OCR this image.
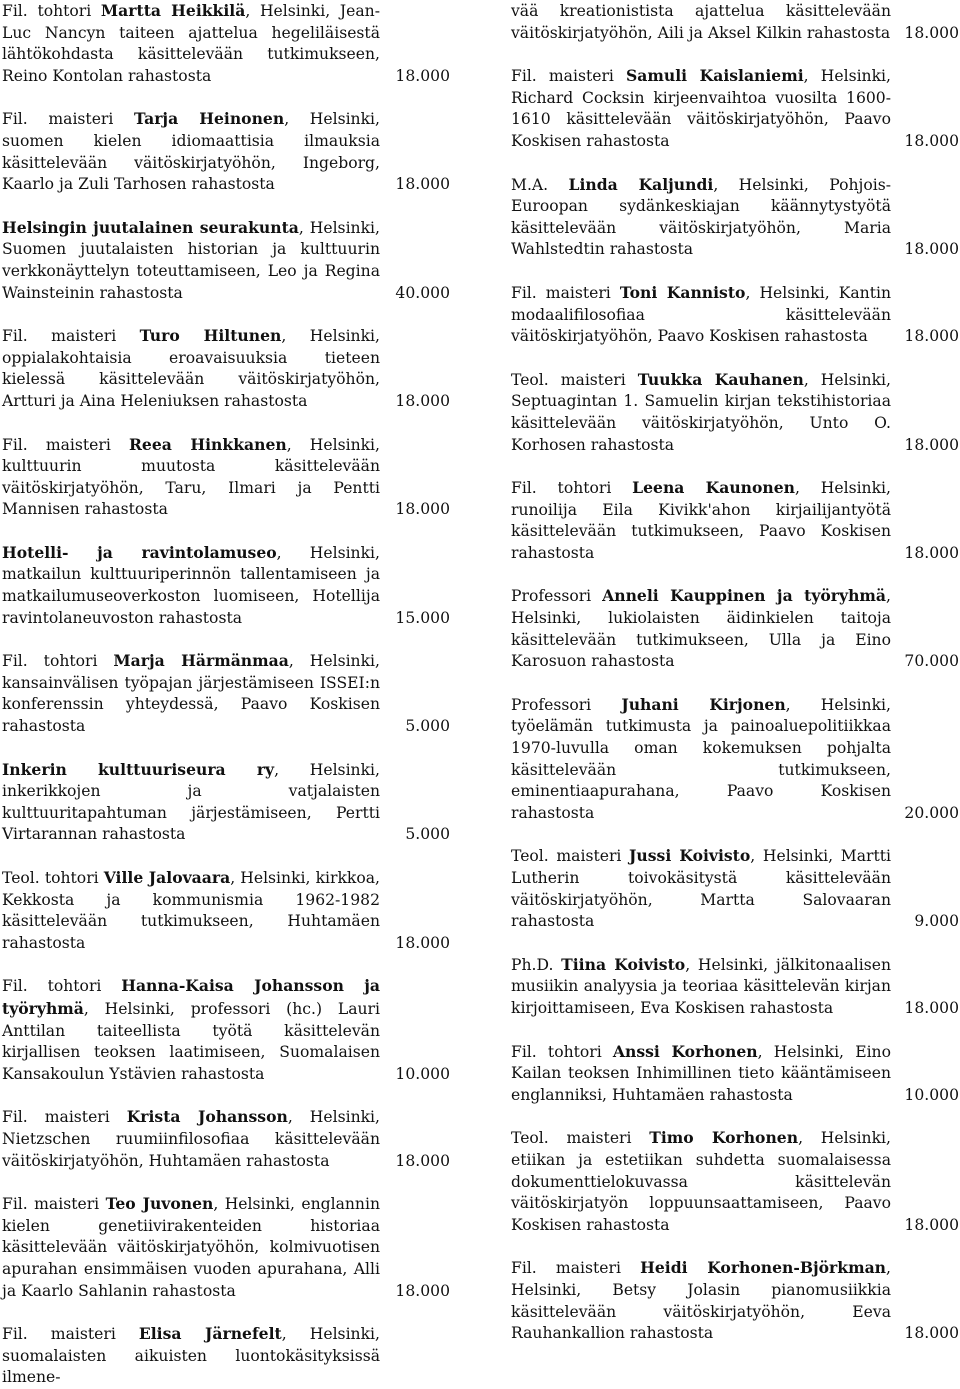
Fil. tohtori Martta Heikkilä, Helsinki, Jean-Luc Nancyn taiteen ajattelua hegeliläisestä lähtökohdasta käsittelevään tutkimukseen, Reino Kontolan rahastosta	18.000
Fil. maisteri Tarja Heinonen, Helsinki, suomen kielen idiomaattisia ilmauksia käsittelevään väitöskirjatyöhön, Ingeborg, Kaarlo ja Zuli Tarhosen rahastosta	18.000
Helsingin juutalainen seurakunta, Helsinki, Suomen juutalaisten historian ja kulttuurin verkkonäyttelyn toteuttamiseen, Leo ja Regina Wainsteinin rahastosta	40.000
Fil. maisteri Turo Hiltunen, Helsinki, oppialakohtaisia eroavaisuuksia tieteen kielessä käsittelevään väitöskirjatyöhön, Artturi ja Aina Heleniuksen rahastosta	18.000
Fil. maisteri Reea Hinkkanen, Helsinki, kulttuurin muutosta käsittelevään väitöskirjatyöhön, Taru, Ilmari ja Pentti Mannisen rahastosta	18.000
Hotelli- ja ravintolamuseo, Helsinki, matkailun kulttuuriperinnön tallentamiseen ja matkailumuseoverkoston luomiseen, Hotellija ravintolaneuvoston rahastosta	15.000
Fil. tohtori Marja Härmänmaa, Helsinki, kansainvälisen työpajan järjestämiseen ISSEI:n konferenssin yhteydessä, Paavo Koskisen rahastosta	5.000
Inkerin kulttuuriseura ry, Helsinki, inkerikkojen ja vatjalaisten kulttuuritapahtuman järjestämiseen, Pertti Virtarannan rahastosta	5.000
Teol. tohtori Ville Jalovaara, Helsinki, kirkkoa, Kekkosta ja kommunismia 1962-1982 käsittelevään tutkimukseen, Huhtamäen rahastosta	18.000
Fil. tohtori Hanna-Kaisa Johansson ja työryhmä, Helsinki, professori (hc.) Lauri Anttilan taiteellista työtä käsittelevän kirjallisen teoksen laatimiseen, Suomalaisen Kansakoulun Ystävien rahastosta	10.000
Fil. maisteri Krista Johansson, Helsinki, Nietzschen ruumiinfilosofiaa käsittelevään väitöskirjatyöhön, Huhtamäen rahastosta	18.000
Fil. maisteri Teo Juvonen, Helsinki, englannin kielen genetiivirakenteiden historiaa käsittelevään väitöskirjatyöhön, kolmivuotisen apurahan ensimmäisen vuoden apurahana, Alli ja Kaarlo Sahlanin rahastosta	18.000
Fil. maisteri Elisa Järnefelt, Helsinki, suomalaisten aikuisten luontokäsityksissä ilmene-
vää kreationistista ajattelua käsittelevään väitöskirjatyöhön, Aili ja Aksel Kilkin rahastosta 18.000
Fil. maisteri Samuli Kaislaniemi, Helsinki, Richard Cocksin kirjeenvaihtoa vuosilta 1600-1610 käsittelevään väitöskirjatyöhön, Paavo Koskisen rahastosta	18.000
M.A. Linda Kaljundi, Helsinki, Pohjois-Euroopan sydänkeskiajan käännytystyötä käsittelevään väitöskirjatyöhön, Maria Wahlstedtin rahastosta	18.000
Fil. maisteri Toni Kannisto, Helsinki, Kantin modaalifilosofiaa käsittelevään väitöskirjatyöhön, Paavo Koskisen rahastosta	18.000
Teol. maisteri Tuukka Kauhanen, Helsinki, Septuagintan 1. Samuelin kirjan tekstihistoriaa käsittelevään väitöskirjatyöhön, Unto O. Korhosen rahastosta	18.000
Fil. tohtori Leena Kaunonen, Helsinki, runoilija Eila Kivikk'ahon kirjailijantyötä käsittelevään tutkimukseen, Paavo Koskisen rahastosta	18.000
Professori Anneli Kauppinen ja työryhmä, Helsinki, lukiolaisten äidinkielen taitoja käsittelevään tutkimukseen, Ulla ja Eino Karosuon rahastosta	70.000
Professori Juhani Kirjonen, Helsinki, työelämän tutkimusta ja painoaluepolitiikkaa 1970-luvulla oman kokemuksen pohjalta käsittelevään tutkimukseen, eminentiaapurahana, Paavo Koskisen rahastosta	20.000
Teol. maisteri Jussi Koivisto, Helsinki, Martti Lutherin toivokäsitystä käsittelevään väitöskirjatyöhön, Martta Salovaaran rahastosta	9.000
Ph.D. Tiina Koivisto, Helsinki, jälkitonaalisen musiikin analyysia ja teoriaa käsittelevän kirjan kirjoittamiseen, Eva Koskisen rahastosta	18.000
Fil. tohtori Anssi Korhonen, Helsinki, Eino Kailan teoksen Inhimillinen tieto kääntämiseen englanniksi, Huhtamäen rahastosta	10.000
Teol. maisteri Timo Korhonen, Helsinki, etiikan ja estetiikan suhdetta suomalaisessa dokumenttielokuvassa käsittelevän väitöskirjatyön loppuunsaattamiseen, Paavo Koskisen rahastosta	18.000
Fil. maisteri Heidi Korhonen-Björkman, Helsinki, Betsy Jolasin pianomusiikkia käsittelevään väitöskirjatyöhön, Eeva Rauhankallion rahastosta	18.000
